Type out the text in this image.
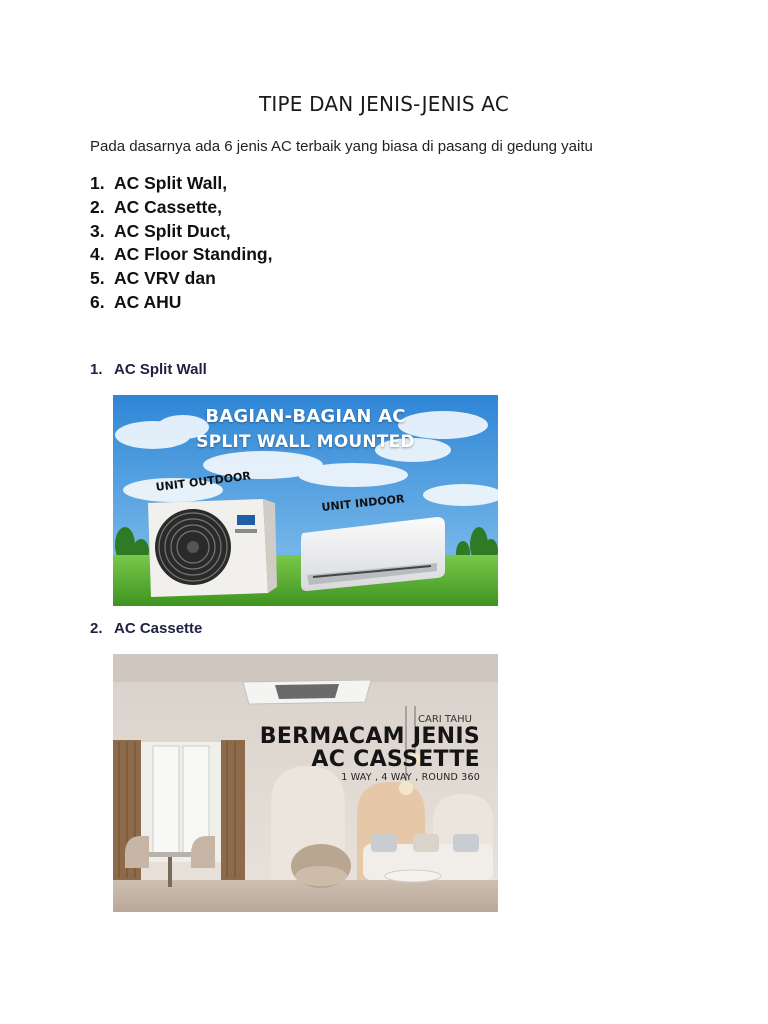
TIPE DAN JENIS-JENIS AC
Pada dasarnya ada 6 jenis AC terbaik yang biasa di pasang di gedung yaitu
1. AC Split Wall,
2. AC Cassette,
3. AC Split Duct,
4. AC Floor Standing,
5. AC VRV dan
6. AC AHU
1. AC Split Wall
BAGIAN-BAGIAN AC
SPLIT WALL MOUNTED
UNIT OUTDOOR
UNIT INDOOR
2. AC Cassette
CARI TAHU
BERMACAM JENIS
AC CASSETTE
1 WAY , 4 WAY , ROUND 360
